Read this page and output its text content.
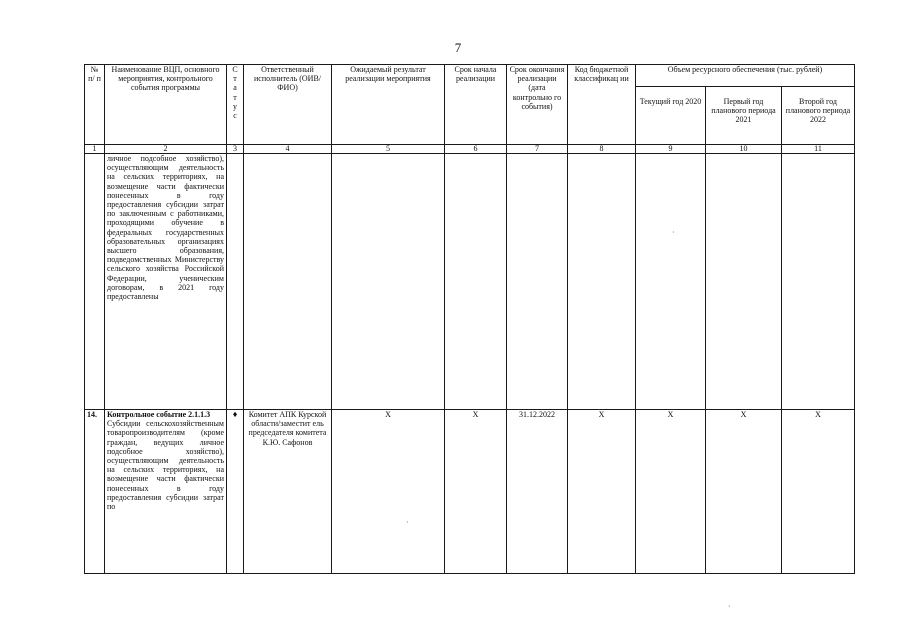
7
№ п/ п	Наименование ВЦП, основного мероприятия, контрольного события программы	С т а т у с	Ответственный исполнитель (ОИВ/ФИО)	Ожидаемый результат реализации мероприятия	Срок начала реализации	Срок окончания реализации (дата контрольно го события)	Код бюджетной классификац ии	Объем ресурсного обеспечения (тыс. рублей)		
								Текущий год 2020	Первый год планового периода 2021	Второй год планового периода 2022
1	2	3	4	5	6	7	8	9	10	11
	личное подсобное хозяйство), осуществляющим деятельность на сельских территориях, на возмещение части фактически понесенных в году предоставления субсидии затрат по заключенным с работниками, проходящими обучение в федеральных государственных образовательных организациях высшего образования, подведомственных Министерству сельского хозяйства Российской Федерации, ученическим договорам, в 2021 году предоставлены									
14.	Контрольное событие 2.1.1.3
Субсидии сельскохозяйственным товаропроизводителям (кроме граждан, ведущих личное подсобное хозяйство), осуществляющим деятельность на сельских территориях, на возмещение части фактически понесенных в году предоставления субсидии затрат по	♦	Комитет АПК Курской области/заместит ель председателя комитета К.Ю. Сафонов	X	X	31.12.2022	X	X	X	X
·
·
·
